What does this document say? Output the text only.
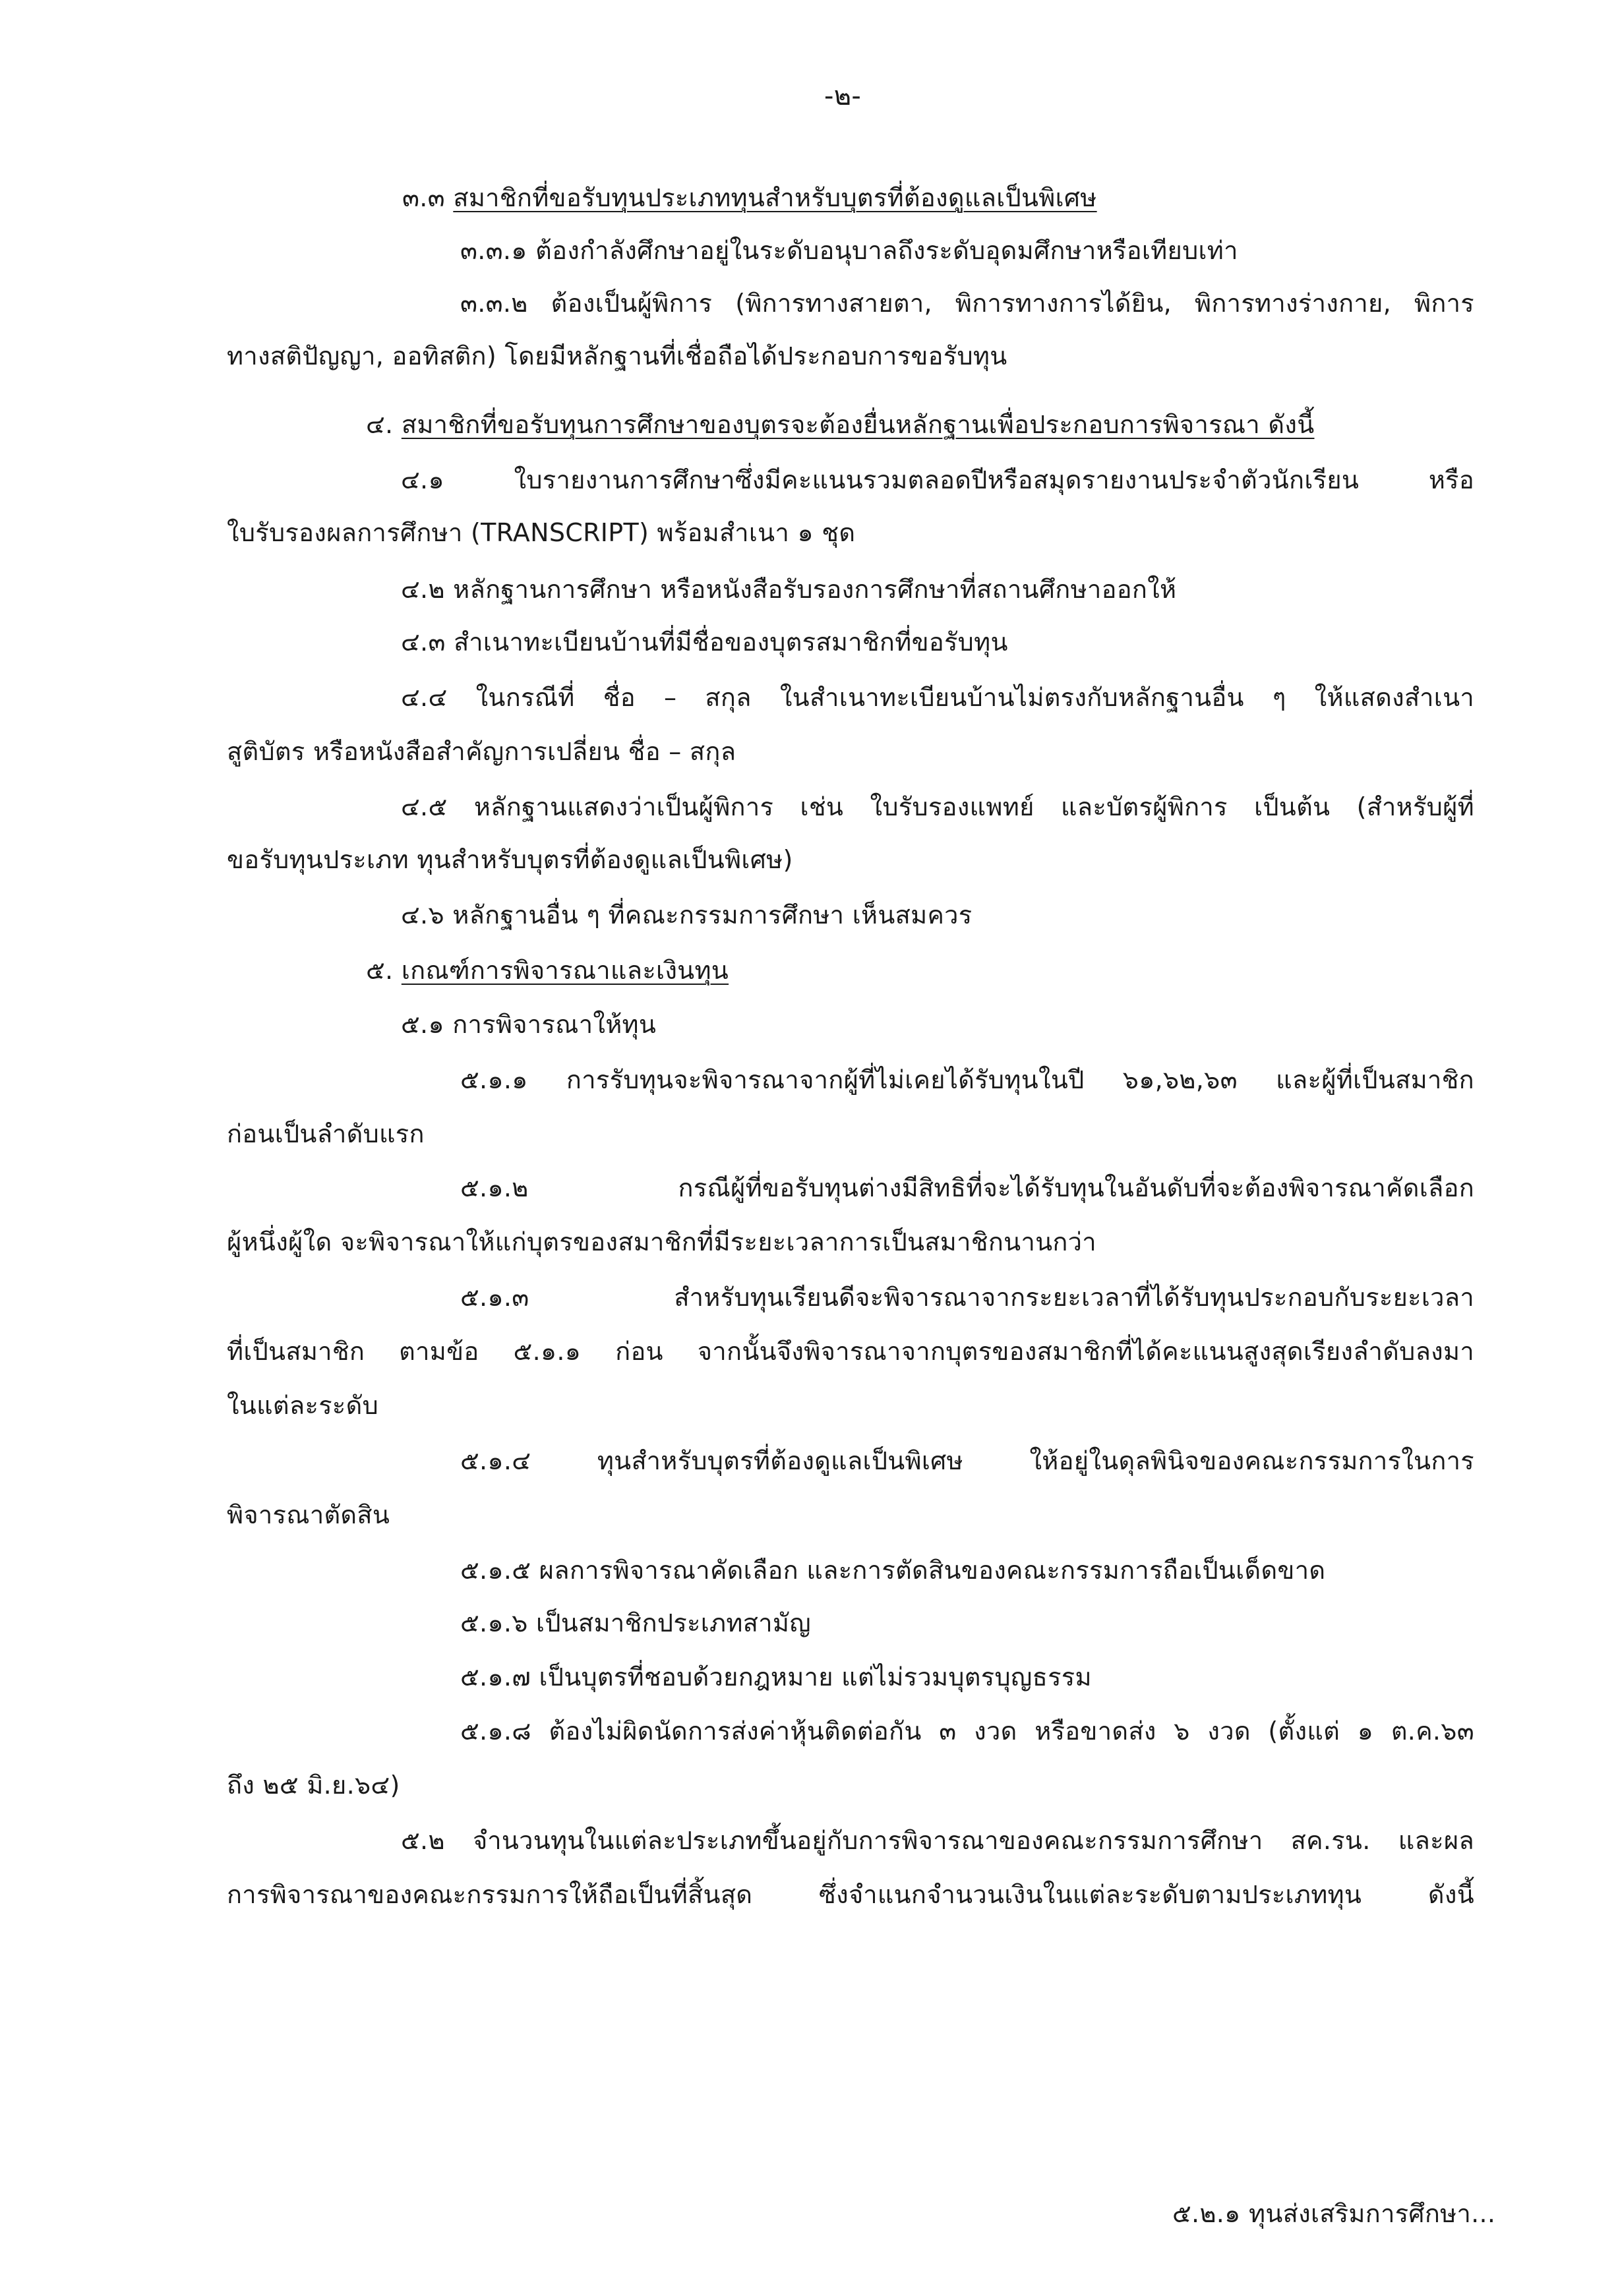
-๒-
๓.๓ สมาชิกที่ขอรับทุนประเภททุนสำหรับบุตรที่ต้องดูแลเป็นพิเศษ
๓.๓.๑ ต้องกำลังศึกษาอยู่ในระดับอนุบาลถึงระดับอุดมศึกษาหรือเทียบเท่า
๓.๓.๒ ต้องเป็นผู้พิการ (พิการทางสายตา, พิการทางการได้ยิน, พิการทางร่างกาย, พิการ
ทางสติปัญญา, ออทิสติก) โดยมีหลักฐานที่เชื่อถือได้ประกอบการขอรับทุน
๔. สมาชิกที่ขอรับทุนการศึกษาของบุตรจะต้องยื่นหลักฐานเพื่อประกอบการพิจารณา ดังนี้
๔.๑ ใบรายงานการศึกษาซึ่งมีคะแนนรวมตลอดปีหรือสมุดรายงานประจำตัวนักเรียน หรือ
ใบรับรองผลการศึกษา (TRANSCRIPT) พร้อมสำเนา ๑ ชุด
๔.๒ หลักฐานการศึกษา หรือหนังสือรับรองการศึกษาที่สถานศึกษาออกให้
๔.๓ สำเนาทะเบียนบ้านที่มีชื่อของบุตรสมาชิกที่ขอรับทุน
๔.๔ ในกรณีที่ ชื่อ – สกุล ในสำเนาทะเบียนบ้านไม่ตรงกับหลักฐานอื่น ๆ ให้แสดงสำเนา
สูติบัตร หรือหนังสือสำคัญการเปลี่ยน ชื่อ – สกุล
๔.๕ หลักฐานแสดงว่าเป็นผู้พิการ เช่น ใบรับรองแพทย์ และบัตรผู้พิการ เป็นต้น (สำหรับผู้ที่
ขอรับทุนประเภท ทุนสำหรับบุตรที่ต้องดูแลเป็นพิเศษ)
๔.๖ หลักฐานอื่น ๆ ที่คณะกรรมการศึกษา เห็นสมควร
๕. เกณฑ์การพิจารณาและเงินทุน
๕.๑ การพิจารณาให้ทุน
๕.๑.๑ การรับทุนจะพิจารณาจากผู้ที่ไม่เคยได้รับทุนในปี ๖๑,๖๒,๖๓ และผู้ที่เป็นสมาชิก
ก่อนเป็นลำดับแรก
๕.๑.๒ กรณีผู้ที่ขอรับทุนต่างมีสิทธิที่จะได้รับทุนในอันดับที่จะต้องพิจารณาคัดเลือก
ผู้หนึ่งผู้ใด จะพิจารณาให้แก่บุตรของสมาชิกที่มีระยะเวลาการเป็นสมาชิกนานกว่า
๕.๑.๓ สำหรับทุนเรียนดีจะพิจารณาจากระยะเวลาที่ได้รับทุนประกอบกับระยะเวลา
ที่เป็นสมาชิก ตามข้อ ๕.๑.๑ ก่อน จากนั้นจึงพิจารณาจากบุตรของสมาชิกที่ได้คะแนนสูงสุดเรียงลำดับลงมา
ในแต่ละระดับ
๕.๑.๔ ทุนสำหรับบุตรที่ต้องดูแลเป็นพิเศษ ให้อยู่ในดุลพินิจของคณะกรรมการในการ
พิจารณาตัดสิน
๕.๑.๕ ผลการพิจารณาคัดเลือก และการตัดสินของคณะกรรมการถือเป็นเด็ดขาด
๕.๑.๖ เป็นสมาชิกประเภทสามัญ
๕.๑.๗ เป็นบุตรที่ชอบด้วยกฎหมาย แต่ไม่รวมบุตรบุญธรรม
๕.๑.๘ ต้องไม่ผิดนัดการส่งค่าหุ้นติดต่อกัน ๓ งวด หรือขาดส่ง ๖ งวด (ตั้งแต่ ๑ ต.ค.๖๓
ถึง ๒๕ มิ.ย.๖๔)
๕.๒ จำนวนทุนในแต่ละประเภทขึ้นอยู่กับการพิจารณาของคณะกรรมการศึกษา สค.รน. และผล
การพิจารณาของคณะกรรมการให้ถือเป็นที่สิ้นสุด ซึ่งจำแนกจำนวนเงินในแต่ละระดับตามประเภททุน ดังนี้
๕.๒.๑ ทุนส่งเสริมการศึกษา...
